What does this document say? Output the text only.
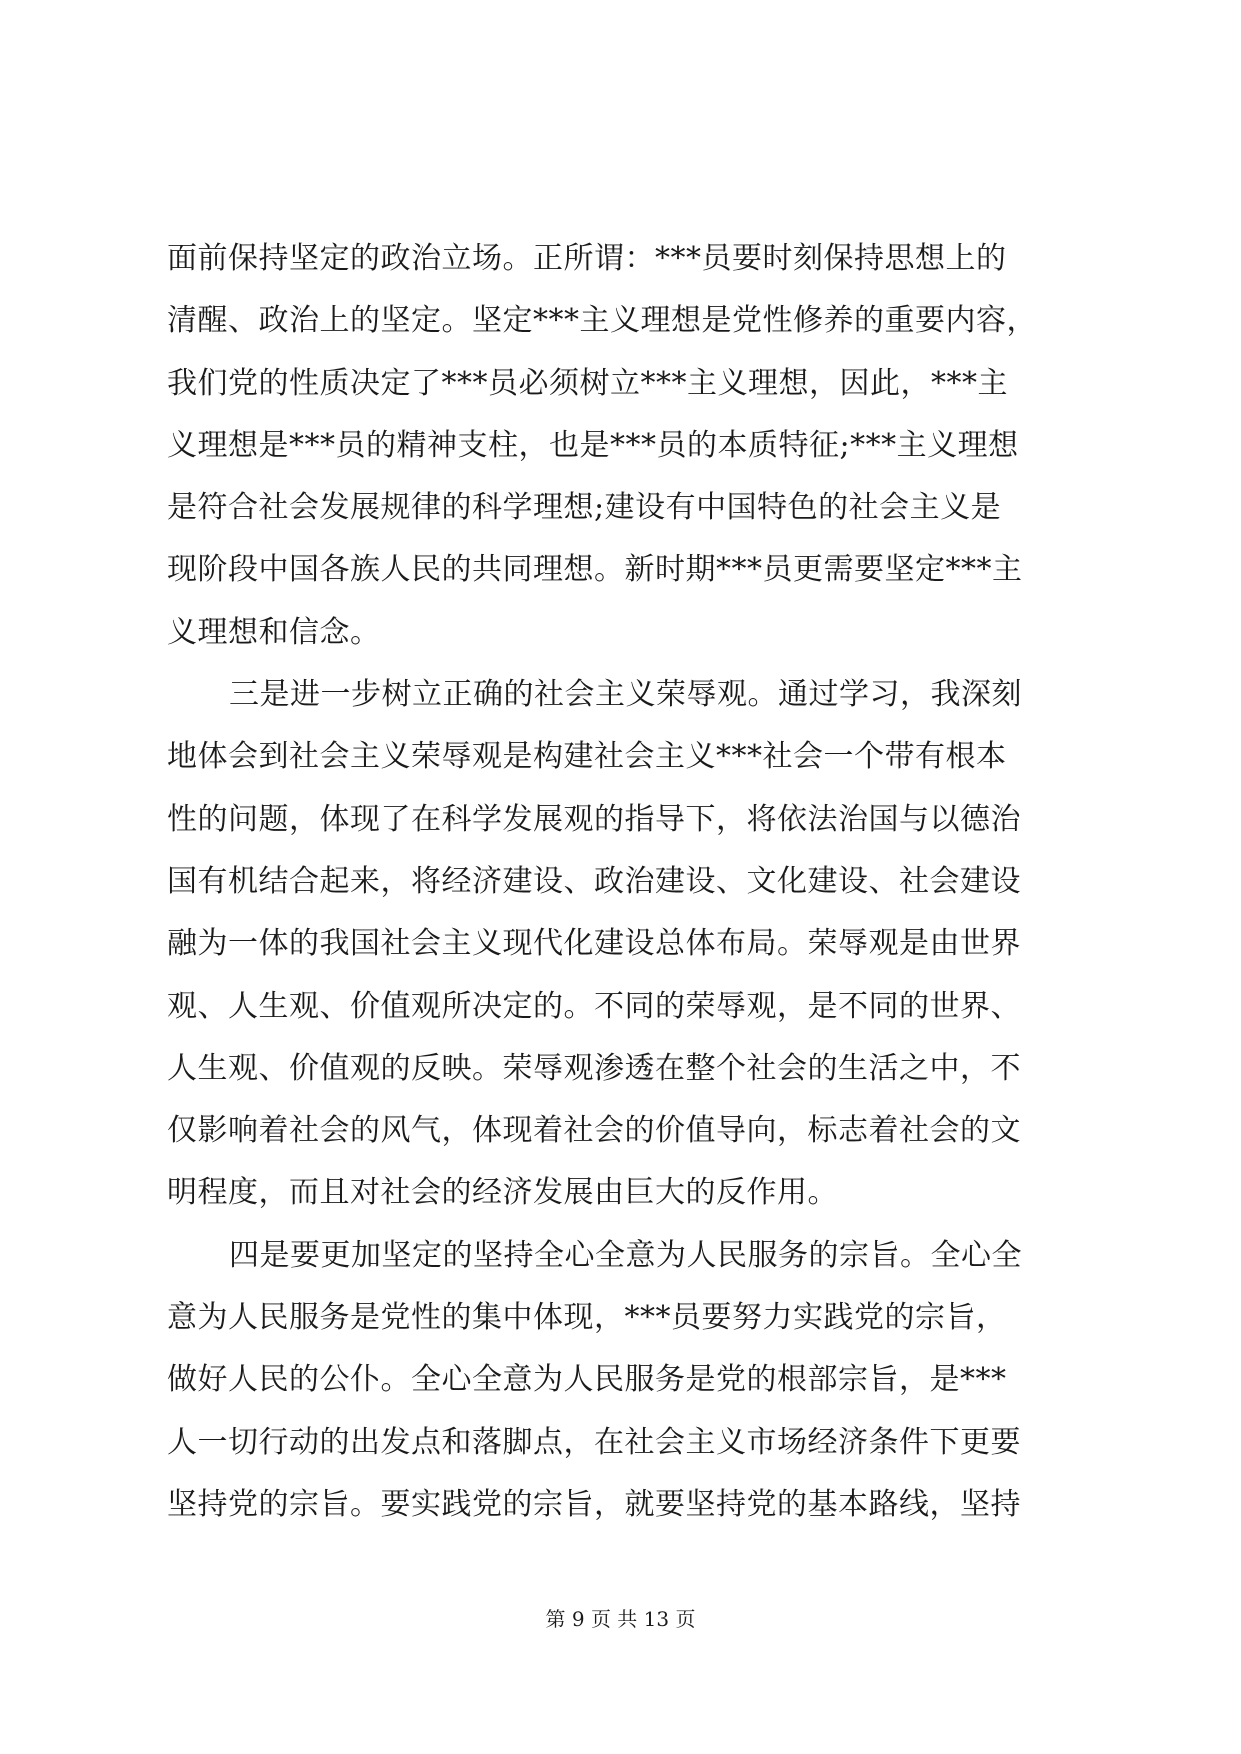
面前保持坚定的政治立场。正所谓：***员要时刻保持思想上的
清醒、政治上的坚定。坚定***主义理想是党性修养的重要内容，
我们党的性质决定了***员必须树立***主义理想，因此，***主
义理想是***员的精神支柱，也是***员的本质特征;***主义理想
是符合社会发展规律的科学理想;建设有中国特色的社会主义是
现阶段中国各族人民的共同理想。新时期***员更需要坚定***主
义理想和信念。
三是进一步树立正确的社会主义荣辱观。通过学习，我深刻
地体会到社会主义荣辱观是构建社会主义***社会一个带有根本
性的问题，体现了在科学发展观的指导下，将依法治国与以德治
国有机结合起来，将经济建设、政治建设、文化建设、社会建设
融为一体的我国社会主义现代化建设总体布局。荣辱观是由世界
观、人生观、价值观所决定的。不同的荣辱观，是不同的世界、
人生观、价值观的反映。荣辱观渗透在整个社会的生活之中，不
仅影响着社会的风气，体现着社会的价值导向，标志着社会的文
明程度，而且对社会的经济发展由巨大的反作用。
四是要更加坚定的坚持全心全意为人民服务的宗旨。全心全
意为人民服务是党性的集中体现，***员要努力实践党的宗旨，
做好人民的公仆。全心全意为人民服务是党的根部宗旨，是***
人一切行动的出发点和落脚点，在社会主义市场经济条件下更要
坚持党的宗旨。要实践党的宗旨，就要坚持党的基本路线，坚持
第 9 页 共 13 页
